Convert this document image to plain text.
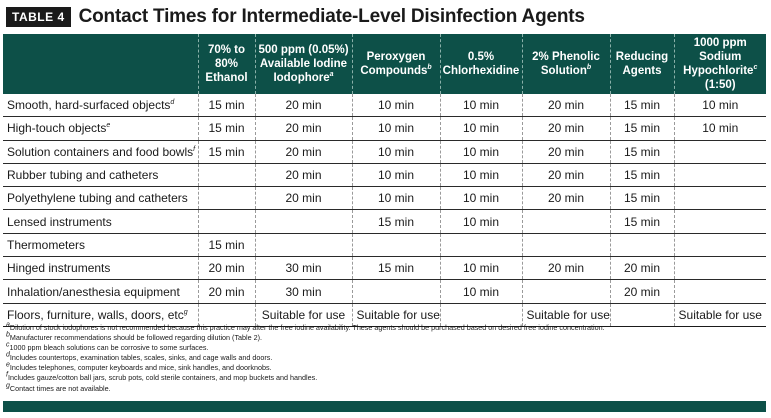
TABLE 4 Contact Times for Intermediate-Level Disinfection Agents
	70% to
80%
Ethanol	500 ppm (0.05%)
Available Iodine
Iodophore$^a$	Peroxygen
Compounds$^b$	0.5%
Chlorhexidine	2% Phenolic
Solution$^b$	Reducing
Agents	1000 ppm Sodium
Hypochlorite$^c$
(1:50)
Smooth, hard-surfaced objects$^d$	15 min	20 min	10 min	10 min	20 min	15 min	10 min
High-touch objects$^e$	15 min	20 min	10 min	10 min	20 min	15 min	10 min
Solution containers and food bowls$^f$	15 min	20 min	10 min	10 min	20 min	15 min	
Rubber tubing and catheters		20 min	10 min	10 min	20 min	15 min	
Polyethylene tubing and catheters		20 min	10 min	10 min	20 min	15 min	
Lensed instruments			15 min	10 min		15 min	
Thermometers	15 min						
Hinged instruments	20 min	30 min	15 min	10 min	20 min	20 min	
Inhalation/anesthesia equipment	20 min	30 min		10 min		20 min	
Floors, furniture, walls, doors, etc$^g$		Suitable for use	Suitable for use		Suitable for use		Suitable for use
$^a$Dilution of stock iodophores is not recommended because this practice may alter the free iodine availability. These agents should be purchased based on desired free iodine concentration.
$^b$Manufacturer recommendations should be followed regarding dilution (Table 2).
$^c$1000 ppm bleach solutions can be corrosive to some surfaces.
$^d$Includes countertops, examination tables, scales, sinks, and cage walls and doors.
$^e$Includes telephones, computer keyboards and mice, sink handles, and doorknobs.
$^f$Includes gauze/cotton ball jars, scrub pots, cold sterile containers, and mop buckets and handles.
$^g$Contact times are not available.
